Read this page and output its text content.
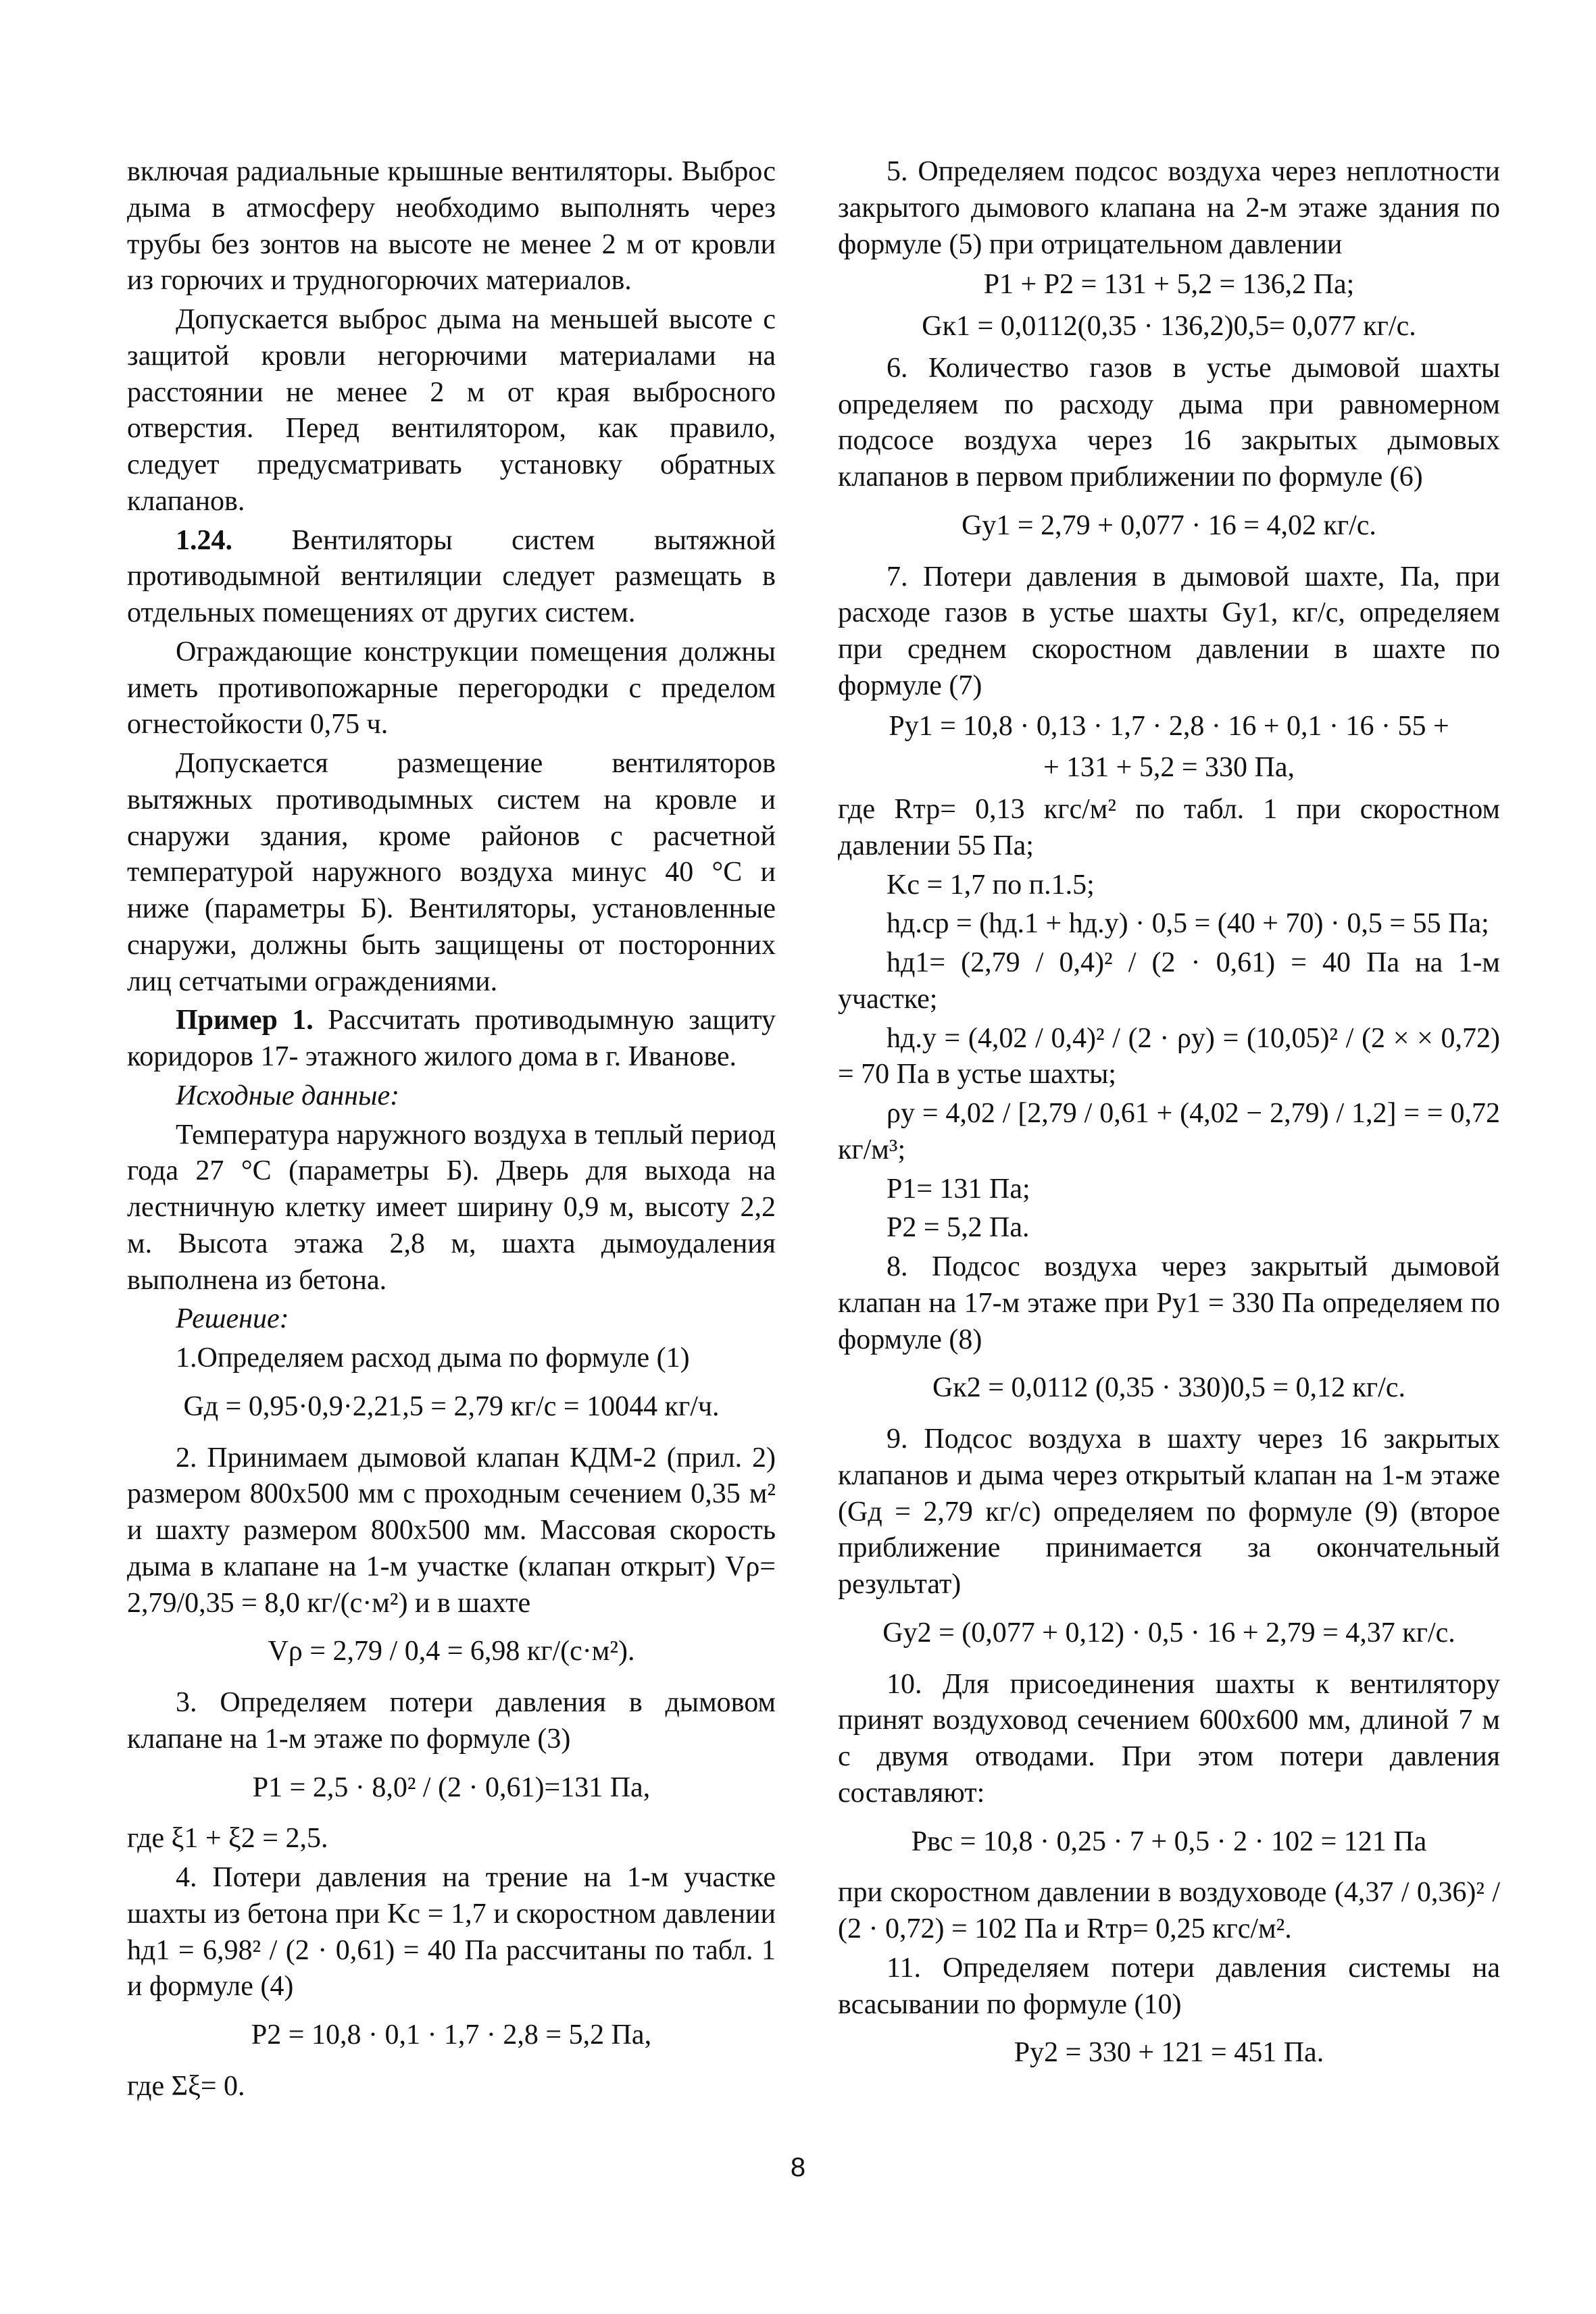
включая радиальные крышные вентиляторы. Выброс дыма в атмосферу необходимо выполнять через трубы без зонтов на высоте не менее 2 м от кровли из горючих и трудногорючих материалов.

Допускается выброс дыма на меньшей высоте с защитой кровли негорючими материалами на расстоянии не менее 2 м от края выбросного отверстия. Перед вентилятором, как правило, следует предусматривать установку обратных клапанов.

1.24. Вентиляторы систем вытяжной противодымной вентиляции следует размещать в отдельных помещениях от других систем.

Ограждающие конструкции помещения должны иметь противопожарные перегородки с пределом огнестойкости 0,75 ч.

Допускается размещение вентиляторов вытяжных противодымных систем на кровле и снаружи здания, кроме районов с расчетной температурой наружного воздуха минус 40 °С и ниже (параметры Б). Вентиляторы, установленные снаружи, должны быть защищены от посторонних лиц сетчатыми ограждениями.

Пример 1. Рассчитать противодымную защиту коридоров 17- этажного жилого дома в г. Иванове.

Исходные данные:

Температура наружного воздуха в теплый период года 27 °С (параметры Б). Дверь для выхода на лестничную клетку имеет ширину 0,9 м, высоту 2,2 м. Высота этажа 2,8 м, шахта дымоудаления выполнена из бетона.

Решение:

1.Определяем расход дыма по формуле (1)

Gд = 0,95·0,9·2,21,5 = 2,79 кг/с = 10044 кг/ч.

2. Принимаем дымовой клапан КДМ-2 (прил. 2) размером 800x500 мм с проходным сечением 0,35 м² и шахту размером 800x500 мм. Массовая скорость дыма в клапане на 1-м участке (клапан открыт) Vρ= 2,79/0,35 = 8,0 кг/(с·м²) и в шахте

Vρ = 2,79 / 0,4 = 6,98 кг/(с·м²).

3. Определяем потери давления в дымовом клапане на 1-м этаже по формуле (3)

P1 = 2,5 · 8,0² / (2 · 0,61)=131 Па,

где ξ1 + ξ2 = 2,5.

4. Потери давления на трение на 1-м участке шахты из бетона при Kс = 1,7 и скоростном давлении hд1 = 6,98² / (2 · 0,61) = 40 Па рассчитаны по табл. 1 и формуле (4)

P2 = 10,8 · 0,1 · 1,7 · 2,8 = 5,2 Па,

где Σξ= 0.

5. Определяем подсос воздуха через неплотности закрытого дымового клапана на 2-м этаже здания по формуле (5) при отрицательном давлении

P1 + P2 = 131 + 5,2 = 136,2 Па;

Gк1 = 0,0112(0,35 · 136,2)0,5= 0,077 кг/с.

6. Количество газов в устье дымовой шахты определяем по расходу дыма при равномерном подсосе воздуха через 16 закрытых дымовых клапанов в первом приближении по формуле (6)

Gу1 = 2,79 + 0,077 · 16 = 4,02 кг/с.

7. Потери давления в дымовой шахте, Па, при расходе газов в устье шахты Gу1, кг/с, определяем при среднем скоростном давлении в шахте по формуле (7)

Pу1 = 10,8 · 0,13 · 1,7 · 2,8 · 16 + 0,1 · 16 · 55 +

+ 131 + 5,2 = 330 Па,

где Rтр= 0,13 кгс/м² по табл. 1 при скоростном давлении 55 Па;

Kс = 1,7 по п.1.5;

hд.ср = (hд.1 + hд.у) · 0,5 = (40 + 70) · 0,5 = 55 Па;

hд1= (2,79 / 0,4)² / (2 · 0,61) = 40 Па на 1-м участке;

hд.у = (4,02 / 0,4)² / (2 · ρу) = (10,05)² / (2 × × 0,72) = 70 Па в устье шахты;

ρу = 4,02 / [2,79 / 0,61 + (4,02 − 2,79) / 1,2] = = 0,72 кг/м³;

P1= 131 Па;

P2 = 5,2 Па.

8. Подсос воздуха через закрытый дымовой клапан на 17-м этаже при Pу1 = 330 Па определяем по формуле (8)

Gк2 = 0,0112 (0,35 · 330)0,5 = 0,12 кг/с.

9. Подсос воздуха в шахту через 16 закрытых клапанов и дыма через открытый клапан на 1-м этаже (Gд = 2,79 кг/с) определяем по формуле (9) (второе приближение принимается за окончательный результат)

Gу2 = (0,077 + 0,12) · 0,5 · 16 + 2,79 = 4,37 кг/с.

10. Для присоединения шахты к вентилятору принят воздуховод сечением 600x600 мм, длиной 7 м с двумя отводами. При этом потери давления составляют:

Pвс = 10,8 · 0,25 · 7 + 0,5 · 2 · 102 = 121 Па

при скоростном давлении в воздуховоде (4,37 / 0,36)² / (2 · 0,72) = 102 Па и Rтр= 0,25 кгс/м².

11. Определяем потери давления системы на всасывании по формуле (10)

Pу2 = 330 + 121 = 451 Па.

8
